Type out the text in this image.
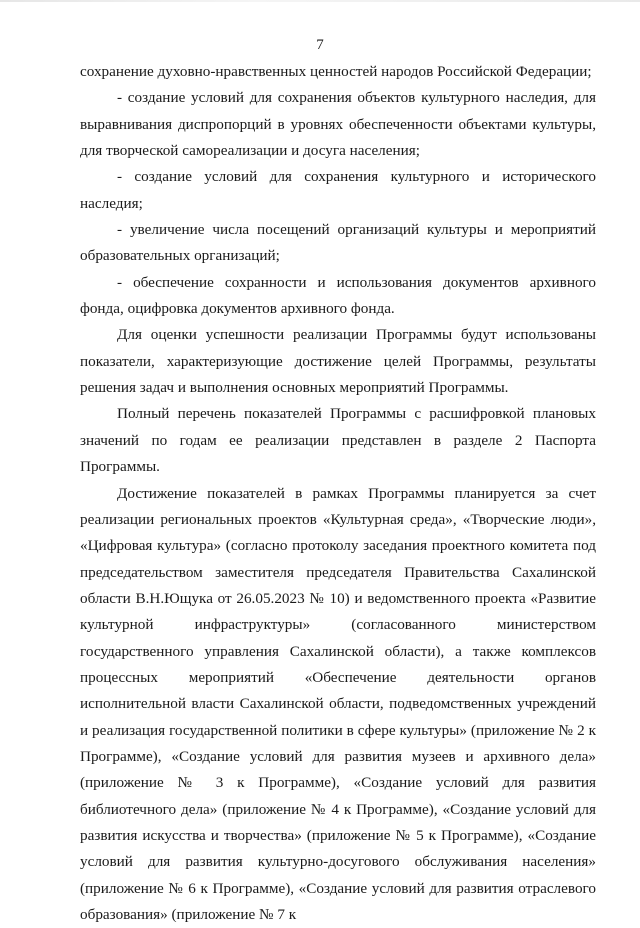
7

сохранение духовно-нравственных ценностей народов Российской Федерации;

- создание условий для сохранения объектов культурного наследия, для выравнивания диспропорций в уровнях обеспеченности объектами культуры, для творческой самореализации и досуга населения;

- создание условий для сохранения культурного и исторического наследия;

- увеличение числа посещений организаций культуры и мероприятий образовательных организаций;

- обеспечение сохранности и использования документов архивного фонда, оцифровка документов архивного фонда.

Для оценки успешности реализации Программы будут использованы показатели, характеризующие достижение целей Программы, результаты решения задач и выполнения основных мероприятий Программы.

Полный перечень показателей Программы с расшифровкой плановых значений по годам ее реализации представлен в разделе 2 Паспорта Программы.

Достижение показателей в рамках Программы планируется за счет реализации региональных проектов «Культурная среда», «Творческие люди», «Цифровая культура» (согласно протоколу заседания проектного комитета под председательством заместителя председателя Правительства Сахалинской области В.Н.Ющука от 26.05.2023 № 10) и ведомственного проекта «Развитие культурной инфраструктуры» (согласованного министерством государственного управления Сахалинской области), а также комплексов процессных мероприятий «Обеспечение деятельности органов исполнительной власти Сахалинской области, подведомственных учреждений и реализация государственной политики в сфере культуры» (приложение № 2 к Программе), «Создание условий для развития музеев и архивного дела» (приложение № 3 к Программе), «Создание условий для развития библиотечного дела» (приложение № 4 к Программе), «Создание условий для развития искусства и творчества» (приложение № 5 к Программе), «Создание условий для развития культурно-досугового обслуживания населения» (приложение № 6 к Программе), «Создание условий для развития отраслевого образования» (приложение № 7 к
